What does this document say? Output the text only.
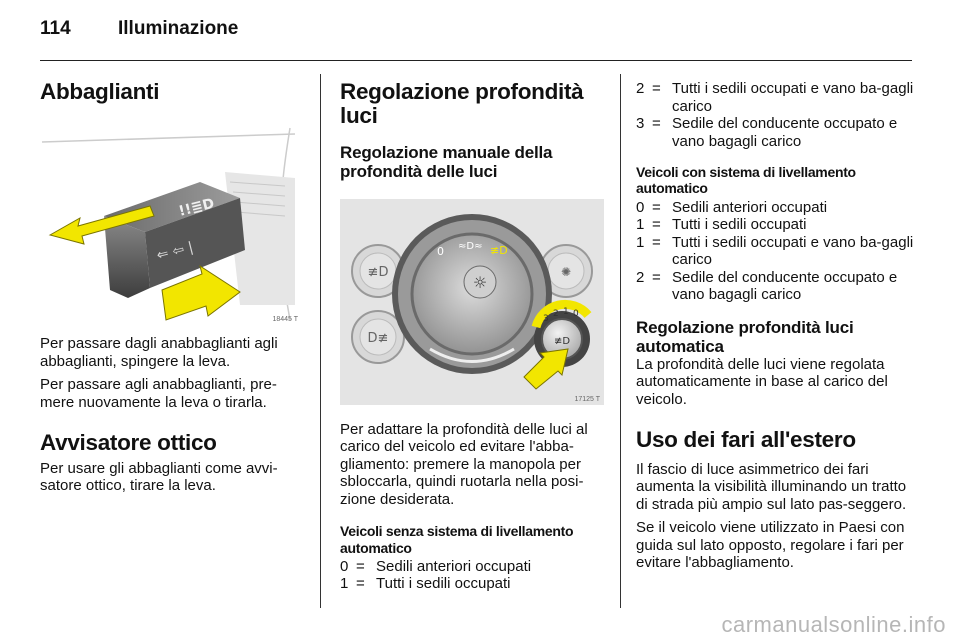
114 Illuminazione
Abbaglianti
⇐ ⇦ |
!!≣D
18445 T

Per passare dagli anabbaglianti agli abbaglianti, spingere la leva.

Per passare agli anabbaglianti, pre-mere nuovamente la leva o tirarla.

Avvisatore ottico

Per usare gli abbaglianti come avvi-satore ottico, tirare la leva.

Regolazione profondità luci
Regolazione manuale della profondità delle luci
≢D
D≢
✺
☼
0 ≈D≈ ≢D
≢D
3 2 1 0
17125 T

Per adattare la profondità delle luci al carico del veicolo ed evitare l'abba-gliamento: premere la manopola per sbloccarla, quindi ruotarla nella posi-zione desiderata.

Veicoli senza sistema di livellamento automatico
0 = Sedili anteriori occupati
1 = Tutti i sedili occupati
2 = Tutti i sedili occupati e vano ba-gagli carico
3 = Sedile del conducente occupato e vano bagagli carico
Veicoli con sistema di livellamento automatico
0 = Sedili anteriori occupati
1 = Tutti i sedili occupati
1 = Tutti i sedili occupati e vano ba-gagli carico
2 = Sedile del conducente occupato e vano bagagli carico
Regolazione profondità luci automatica

La profondità delle luci viene regolata automaticamente in base al carico del veicolo.

Uso dei fari all'estero

Il fascio di luce asimmetrico dei fari aumenta la visibilità illuminando un tratto di strada più ampio sul lato pas-seggero.

Se il veicolo viene utilizzato in Paesi con guida sul lato opposto, regolare i fari per evitare l'abbagliamento.

carmanualsonline.info
